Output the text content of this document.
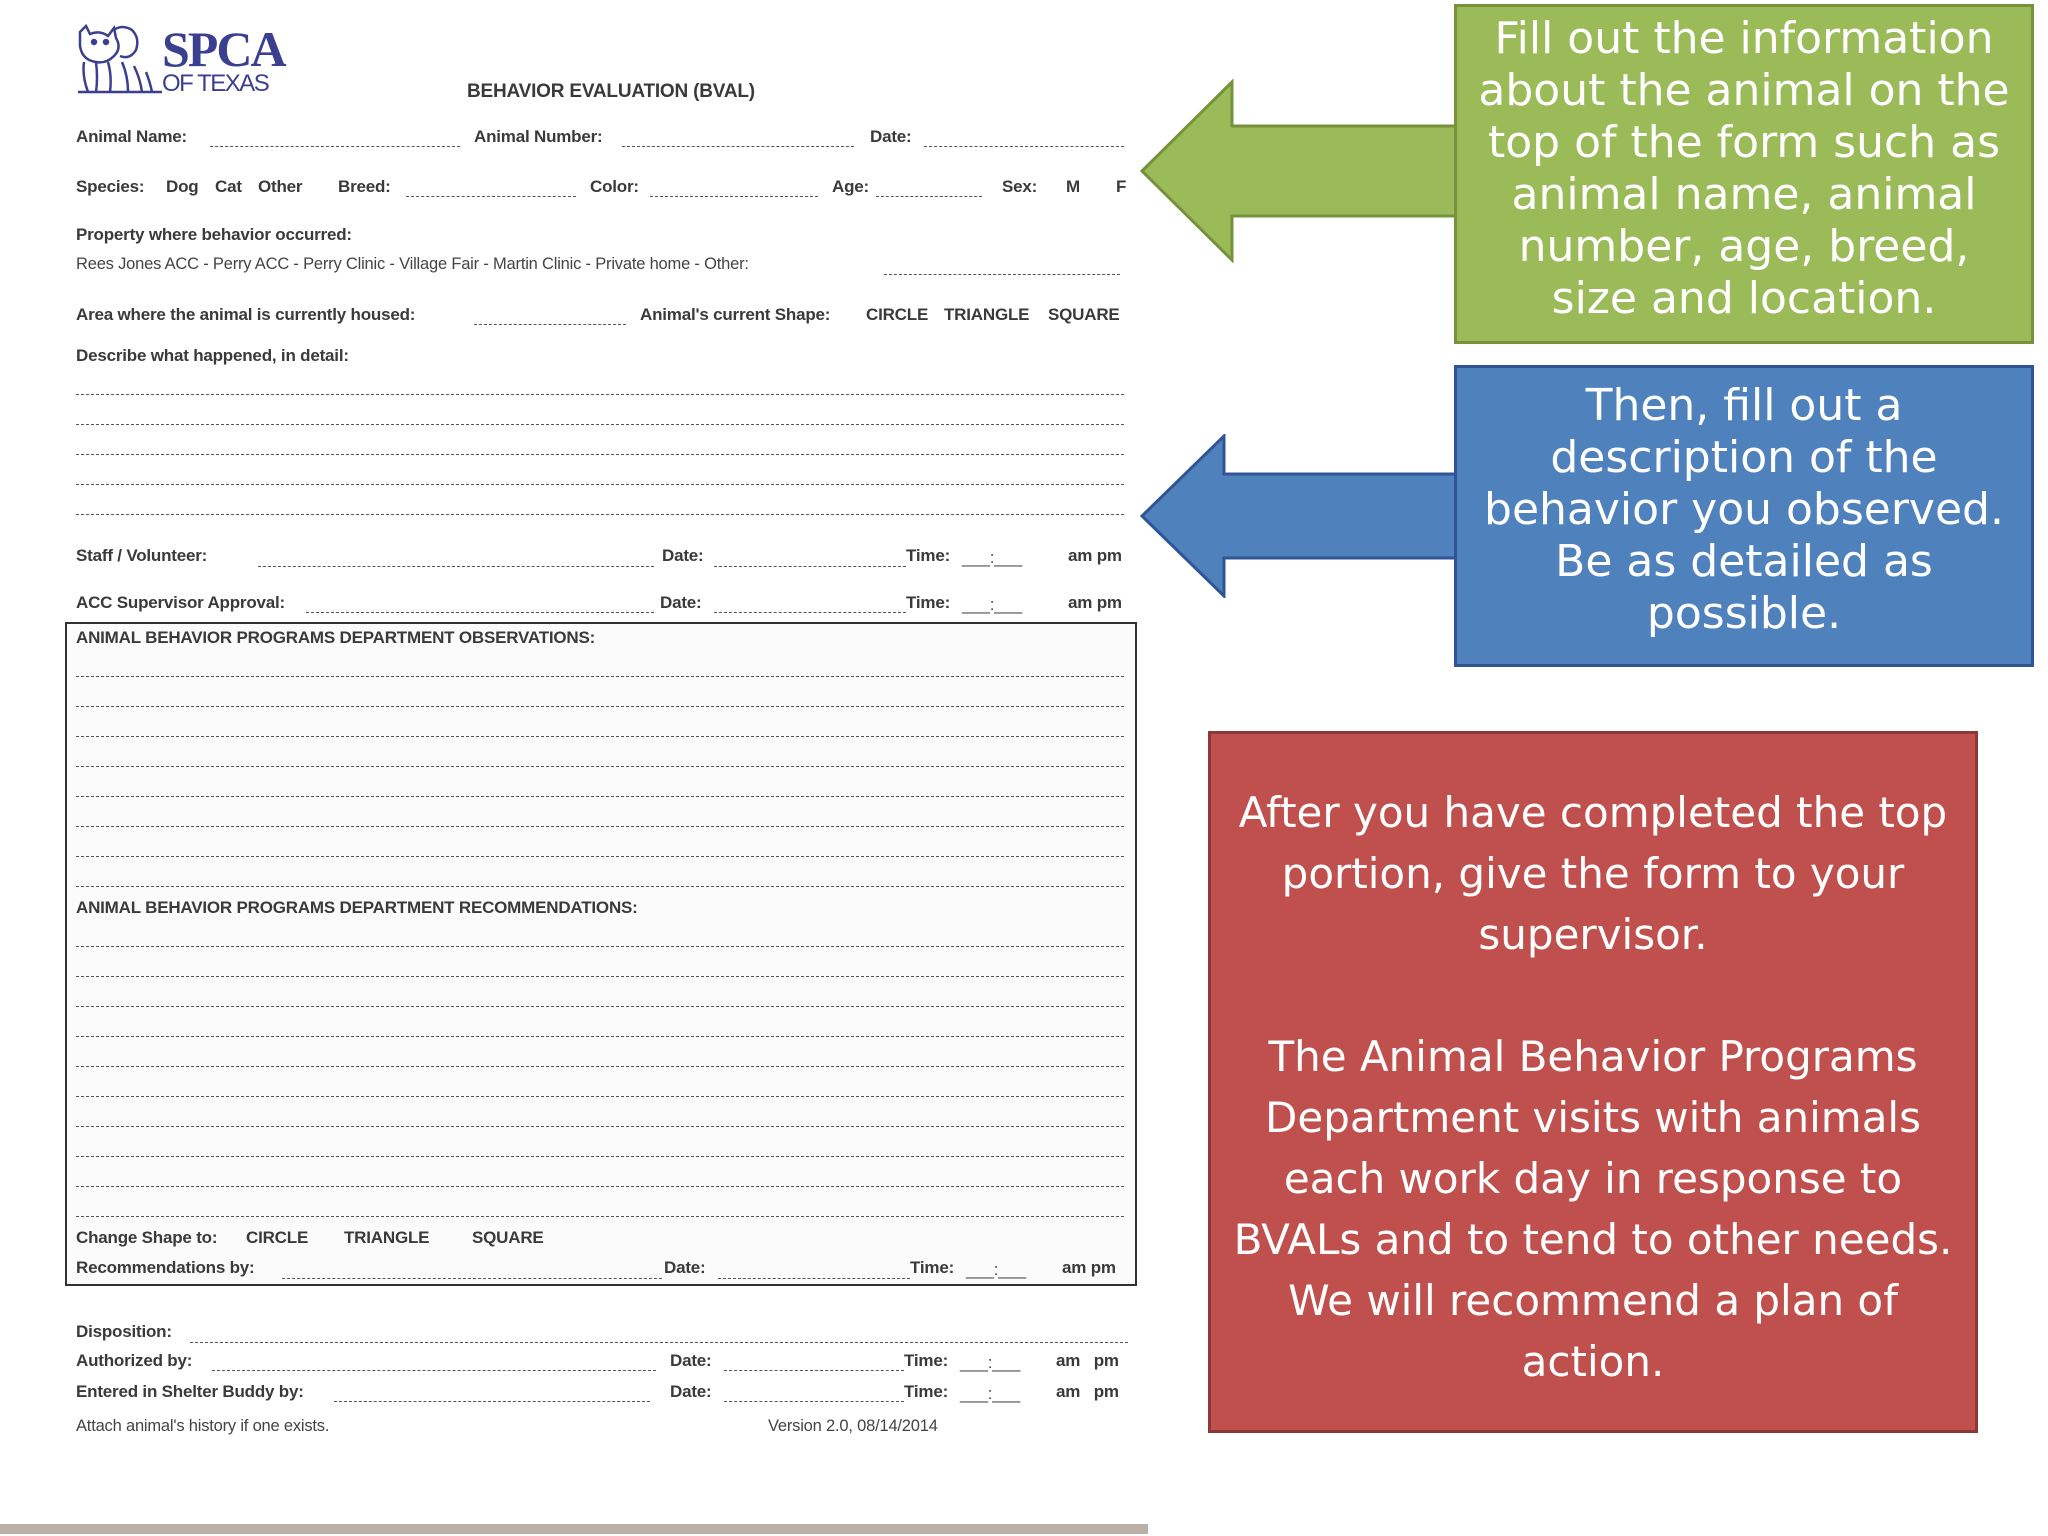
SPCA
OF TEXAS	BEHAVIOR EVALUATION (BVAL)
Animal Name:	Animal Number:	Date:
Species: Dog Cat Other Breed:	Color:	Age:	Sex: M F
Property where behavior occurred:
Rees Jones ACC - Perry ACC - Perry Clinic - Village Fair - Martin Clinic - Private home - Other:
Area where the animal is currently housed:	Animal's current Shape: CIRCLE TRIANGLE SQUARE
Describe what happened, in detail:
Staff / Volunteer:	Date:	Time: ___:___	am pm
ACC Supervisor Approval:	Date:	Time: ___:___	am pm
ANIMAL BEHAVIOR PROGRAMS DEPARTMENT OBSERVATIONS:
ANIMAL BEHAVIOR PROGRAMS DEPARTMENT RECOMMENDATIONS:
Change Shape to: CIRCLE TRIANGLE	SQUARE
Recommendations by:	Date:	Time: ___:___ am pm
Disposition:
Authorized by:	Date:	Time: ___:___ am   pm
Entered in Shelter Buddy by:	Date:	Time: ___:___ am   pm
Attach animal's history if one exists.	Version 2.0, 08/14/2014
Fill out the information
about the animal on the
top of the form such as
animal name, animal
number, age, breed,
size and location.
Then, fill out a
description of the
behavior you observed.
Be as detailed as
possible.
After you have completed the top
portion, give the form to your
supervisor.
The Animal Behavior Programs
Department visits with animals
each work day in response to
BVALs and to tend to other needs.
We will recommend a plan of
action.
